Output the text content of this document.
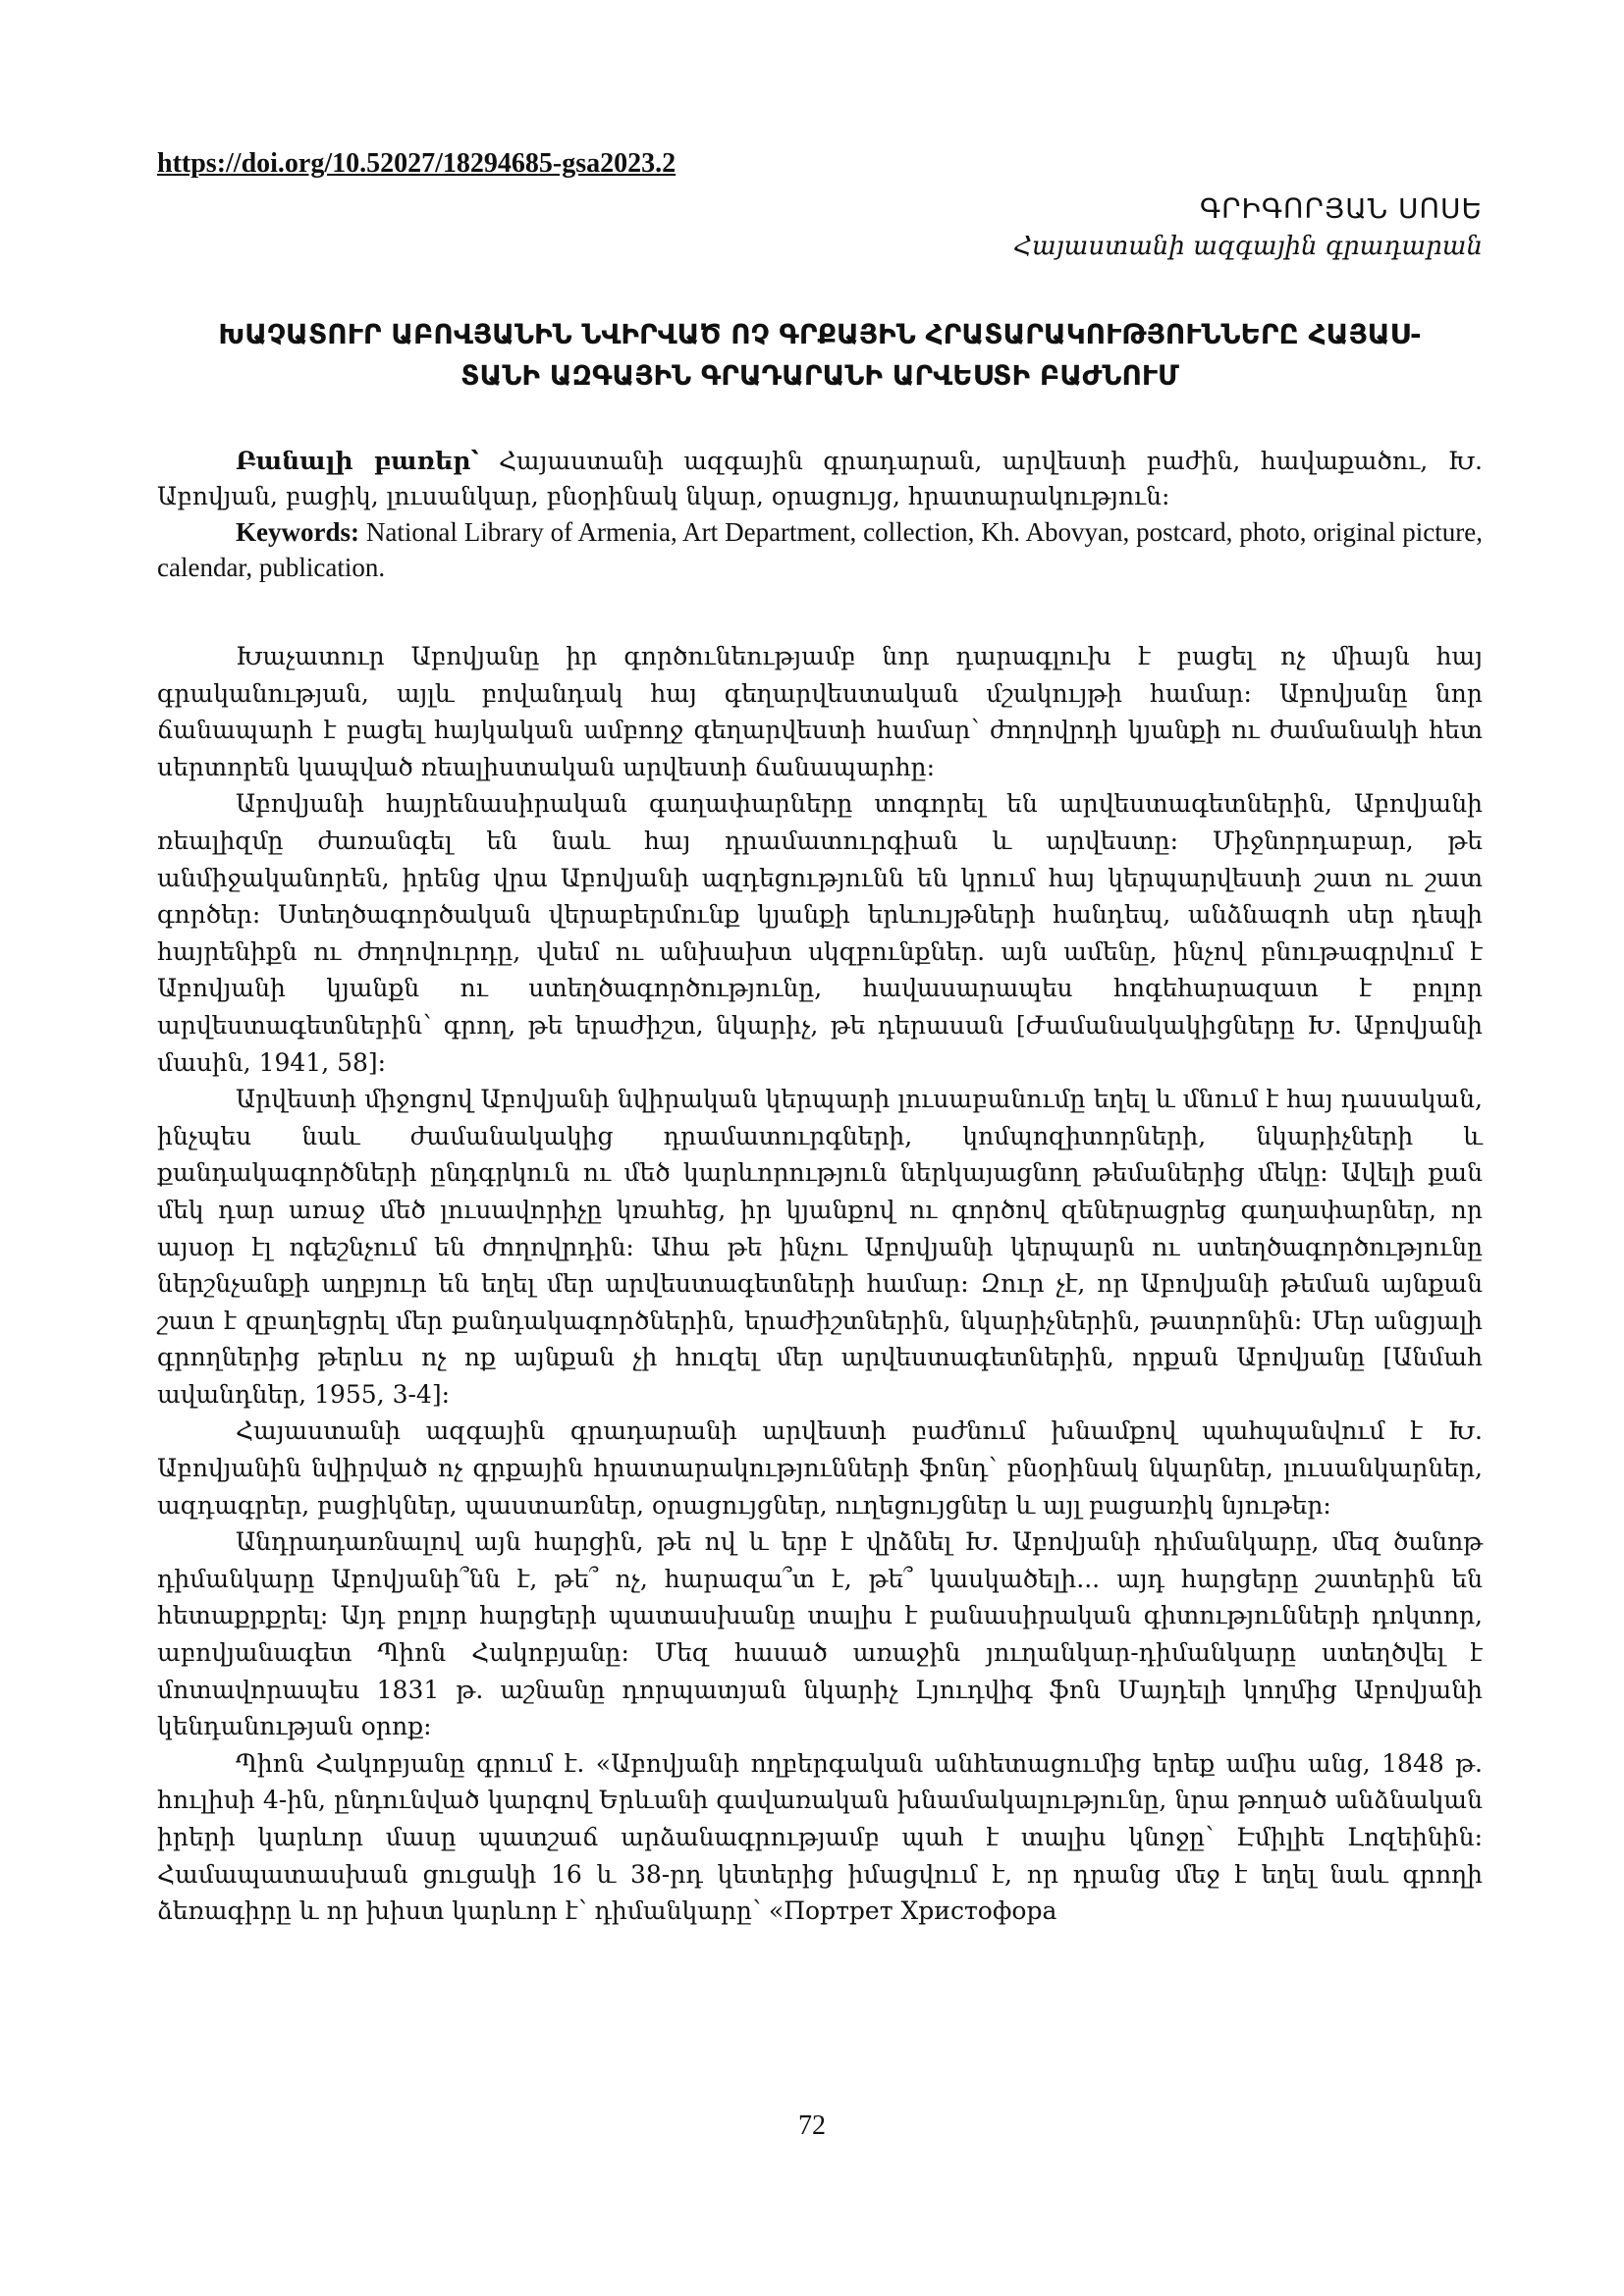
https://doi.org/10.52027/18294685-gsa2023.2

ԳՐԻԳՈՐՅԱՆ ՍՈՍԵ

Հայաստանի ազգային գրադարան

ԽԱՉԱՏՈՒՐ ԱԲՈՎՅԱՆԻՆ ՆՎԻՐՎԱԾ ՈՉ ԳՐՔԱՅԻՆ ՀՐԱՏԱՐԱԿՈՒԹՅՈՒՆՆԵՐԸ ՀԱՅԱՍ-
ՏԱՆԻ ԱԶԳԱՅԻՆ ԳՐԱԴԱՐԱՆԻ ԱՐՎԵՍՏԻ ԲԱԺՆՈՒՄ

Բանալի բառեր՝ Հայաստանի ազգային գրադարան, արվեստի բաժին, հավաքածու, Խ. Աբովյան, բացիկ, լուսանկար, բնօրինակ նկար, օրացույց, հրատարակություն:

Keywords: National Library of Armenia, Art Department, collection, Kh. Abovyan, postcard, photo, original picture, calendar, publication.

Խաչատուր Աբովյանը իր գործունեությամբ նոր դարագլուխ է բացել ոչ միայն հայ գրականության, այլև բովանդակ հայ գեղարվեստական մշակույթի համար: Աբովյանը նոր ճանապարհ է բացել հայկական ամբողջ գեղարվեստի համար՝ ժողովրդի կյանքի ու ժամանակի հետ սերտորեն կապված ռեալիստական արվեստի ճանապարհը:

Աբովյանի հայրենասիրական գաղափարները տոգորել են արվեստագետներին, Աբովյանի ռեալիզմը ժառանգել են նաև հայ դրամատուրգիան և արվեստը: Միջնորդաբար, թե անմիջականորեն, իրենց վրա Աբովյանի ազդեցությունն են կրում հայ կերպարվեստի շատ ու շատ գործեր: Ստեղծագործական վերաբերմունք կյանքի երևույթների հանդեպ, անձնազոհ սեր դեպի հայրենիքն ու ժողովուրդը, վսեմ ու անխախտ սկզբունքներ. այն ամենը, ինչով բնութագրվում է Աբովյանի կյանքն ու ստեղծագործությունը, հավասարապես հոգեհարազատ է բոլոր արվեստագետներին՝ գրող, թե երաժիշտ, նկարիչ, թե դերասան [Ժամանակակիցները Խ. Աբովյանի մասին, 1941, 58]:

Արվեստի միջոցով Աբովյանի նվիրական կերպարի լուսաբանումը եղել և մնում է հայ դասական, ինչպես նաև ժամանակակից դրամատուրգների, կոմպոզիտորների, նկարիչների և քանդակագործների ընդգրկուն ու մեծ կարևորություն ներկայացնող թեմաներից մեկը: Ավելի քան մեկ դար առաջ մեծ լուսավորիչը կռահեց, իր կյանքով ու գործով զեներացրեց գաղափարներ, որ այսօր էլ ոգեշնչում են ժողովրդին: Ահա թե ինչու Աբովյանի կերպարն ու ստեղծագործությունը ներշնչանքի աղբյուր են եղել մեր արվեստագետների համար: Զուր չէ, որ Աբովյանի թեման այնքան շատ է զբաղեցրել մեր քանդակագործներին, երաժիշտներին, նկարիչներին, թատրոնին: Մեր անցյալի գրողներից թերևս ոչ ոք այնքան չի հուզել մեր արվեստագետներին, որքան Աբովյանը [Անմահ ավանդներ, 1955, 3-4]:

Հայաստանի ազգային գրադարանի արվեստի բաժնում խնամքով պահպանվում է Խ. Աբովյանին նվիրված ոչ գրքային հրատարակությունների ֆոնդ՝ բնօրինակ նկարներ, լուսանկարներ, ազդագրեր, բացիկներ, պաստառներ, օրացույցներ, ուղեցույցներ և այլ բացառիկ նյութեր:

Անդրադառնալով այն հարցին, թե ով և երբ է վրձնել Խ. Աբովյանի դիմանկարը, մեզ ծանոթ դիմանկարը Աբովյանի՞նն է, թե՞ ոչ, հարազա՞տ է, թե՞ կասկածելի... այդ հարցերը շատերին են հետաքրքրել: Այդ բոլոր հարցերի պատասխանը տալիս է բանասիրական գիտությունների դոկտոր, աբովյանագետ Պիոն Հակոբյանը: Մեզ հասած առաջին յուղանկար-դիմանկարը ստեղծվել է մոտավորապես 1831 թ. աշնանը դորպատյան նկարիչ Լյուդվիգ ֆոն Մայդելի կողմից Աբովյանի կենդանության օրոք:

Պիոն Հակոբյանը գրում է. «Աբովյանի ողբերգական անհետացումից երեք ամիս անց, 1848 թ. հուլիսի 4-ին, ընդունված կարգով Երևանի գավառական խնամակալությունը, նրա թողած անձնական իրերի կարևոր մասը պատշաճ արձանագրությամբ պահ է տալիս կնոջը՝ Էմիլիե Լոզեինին: Համապատասխան ցուցակի 16 և 38-րդ կետերից իմացվում է, որ դրանց մեջ է եղել նաև գրողի ձեռագիրը և որ խիստ կարևոր է՝ դիմանկարը՝ «Портрет Христофора

72
